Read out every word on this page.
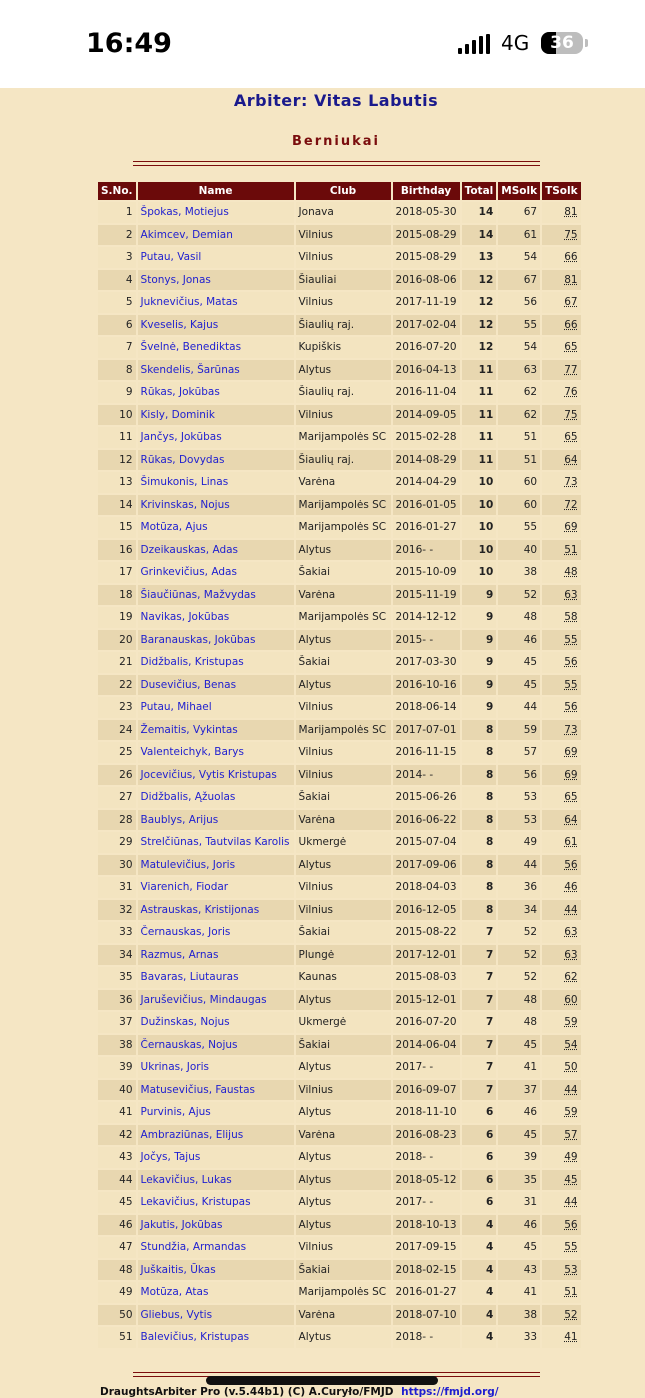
16:49	4G	36
Arbiter: Vitas Labutis
Berniukai
S.No.	Name	Club	Birthday	Total	MSolk	TSolk
1	Špokas, Motiejus	Jonava	2018-05-30	14	67	81
2	Akimcev, Demian	Vilnius	2015-08-29	14	61	75
3	Putau, Vasil	Vilnius	2015-08-29	13	54	66
4	Stonys, Jonas	Šiauliai	2016-08-06	12	67	81
5	Juknevičius, Matas	Vilnius	2017-11-19	12	56	67
6	Kveselis, Kajus	Šiaulių raj.	2017-02-04	12	55	66
7	Švelnė, Benediktas	Kupiškis	2016-07-20	12	54	65
8	Skendelis, Šarūnas	Alytus	2016-04-13	11	63	77
9	Rūkas, Jokūbas	Šiaulių raj.	2016-11-04	11	62	76
10	Kisly, Dominik	Vilnius	2014-09-05	11	62	75
11	Jančys, Jokūbas	Marijampolės SC	2015-02-28	11	51	65
12	Rūkas, Dovydas	Šiaulių raj.	2014-08-29	11	51	64
13	Šimukonis, Linas	Varėna	2014-04-29	10	60	73
14	Krivinskas, Nojus	Marijampolės SC	2016-01-05	10	60	72
15	Motūza, Ajus	Marijampolės SC	2016-01-27	10	55	69
16	Dzeikauskas, Adas	Alytus	2016- -	10	40	51
17	Grinkevičius, Adas	Šakiai	2015-10-09	10	38	48
18	Šiaučiūnas, Mažvydas	Varėna	2015-11-19	9	52	63
19	Navikas, Jokūbas	Marijampolės SC	2014-12-12	9	48	58
20	Baranauskas, Jokūbas	Alytus	2015- -	9	46	55
21	Didžbalis, Kristupas	Šakiai	2017-03-30	9	45	56
22	Dusevičius, Benas	Alytus	2016-10-16	9	45	55
23	Putau, Mihael	Vilnius	2018-06-14	9	44	56
24	Žemaitis, Vykintas	Marijampolės SC	2017-07-01	8	59	73
25	Valenteichyk, Barys	Vilnius	2016-11-15	8	57	69
26	Jocevičius, Vytis Kristupas	Vilnius	2014- -	8	56	69
27	Didžbalis, Ąžuolas	Šakiai	2015-06-26	8	53	65
28	Baublys, Arijus	Varėna	2016-06-22	8	53	64
29	Strelčiūnas, Tautvilas Karolis	Ukmergė	2015-07-04	8	49	61
30	Matulevičius, Joris	Alytus	2017-09-06	8	44	56
31	Viarenich, Fiodar	Vilnius	2018-04-03	8	36	46
32	Astrauskas, Kristijonas	Vilnius	2016-12-05	8	34	44
33	Černauskas, Joris	Šakiai	2015-08-22	7	52	63
34	Razmus, Arnas	Plungė	2017-12-01	7	52	63
35	Bavaras, Liutauras	Kaunas	2015-08-03	7	52	62
36	Jaruševičius, Mindaugas	Alytus	2015-12-01	7	48	60
37	Dužinskas, Nojus	Ukmergė	2016-07-20	7	48	59
38	Černauskas, Nojus	Šakiai	2014-06-04	7	45	54
39	Ukrinas, Joris	Alytus	2017- -	7	41	50
40	Matusevičius, Faustas	Vilnius	2016-09-07	7	37	44
41	Purvinis, Ajus	Alytus	2018-11-10	6	46	59
42	Ambraziūnas, Elijus	Varėna	2016-08-23	6	45	57
43	Jočys, Tajus	Alytus	2018- -	6	39	49
44	Lekavičius, Lukas	Alytus	2018-05-12	6	35	45
45	Lekavičius, Kristupas	Alytus	2017- -	6	31	44
46	Jakutis, Jokūbas	Alytus	2018-10-13	4	46	56
47	Stundžia, Armandas	Vilnius	2017-09-15	4	45	55
48	Juškaitis, Ūkas	Šakiai	2018-02-15	4	43	53
49	Motūza, Atas	Marijampolės SC	2016-01-27	4	41	51
50	Gliebus, Vytis	Varėna	2018-07-10	4	38	52
51	Balevičius, Kristupas	Alytus	2018- -	4	33	41
DraughtsArbiter Pro (v.5.44b1) (C) A.Curyło/FMJD https://fmjd.org/
